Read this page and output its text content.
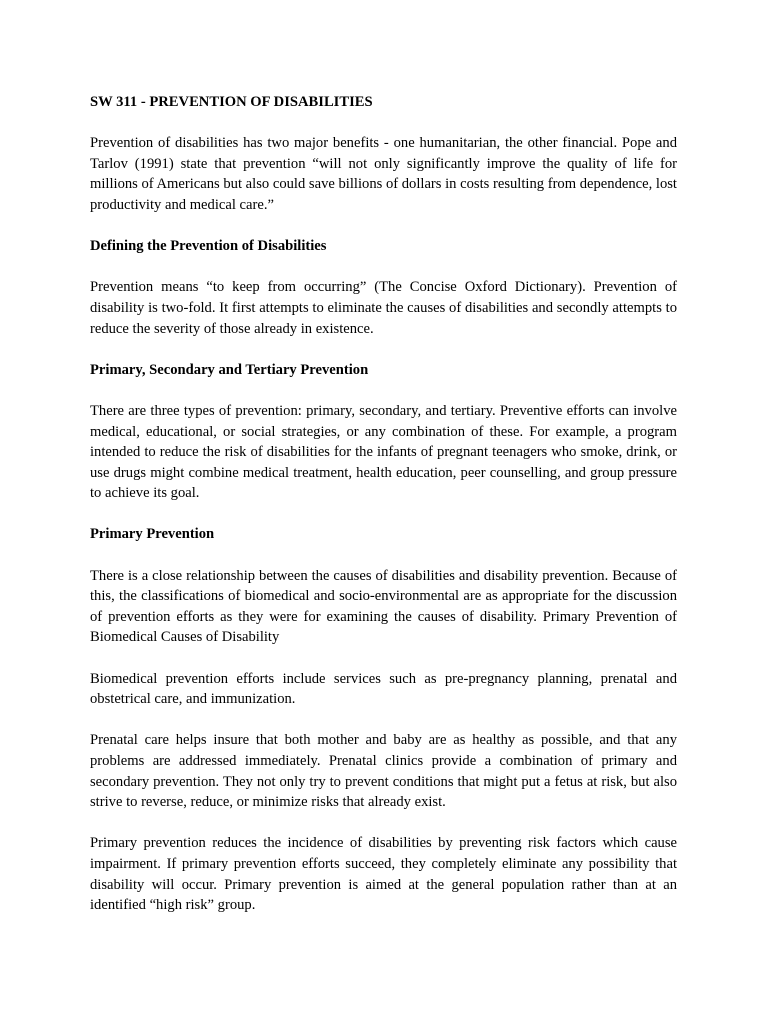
SW 311 - PREVENTION OF DISABILITIES

Prevention of disabilities has two major benefits - one humanitarian, the other financial. Pope and Tarlov (1991) state that prevention “will not only significantly improve the quality of life for millions of Americans but also could save billions of dollars in costs resulting from dependence, lost productivity and medical care.”

Defining the Prevention of Disabilities

Prevention means “to keep from occurring” (The Concise Oxford Dictionary). Prevention of disability is two-fold. It first attempts to eliminate the causes of disabilities and secondly attempts to reduce the severity of those already in existence.

Primary, Secondary and Tertiary Prevention

There are three types of prevention: primary, secondary, and tertiary. Preventive efforts can involve medical, educational, or social strategies, or any combination of these. For example, a program intended to reduce the risk of disabilities for the infants of pregnant teenagers who smoke, drink, or use drugs might combine medical treatment, health education, peer counselling, and group pressure to achieve its goal.

Primary Prevention

There is a close relationship between the causes of disabilities and disability prevention. Because of this, the classifications of biomedical and socio-environmental are as appropriate for the discussion of prevention efforts as they were for examining the causes of disability. Primary Prevention of Biomedical Causes of Disability

Biomedical prevention efforts include services such as pre-pregnancy planning, prenatal and obstetrical care, and immunization.

Prenatal care helps insure that both mother and baby are as healthy as possible, and that any problems are addressed immediately. Prenatal clinics provide a combination of primary and secondary prevention. They not only try to prevent conditions that might put a fetus at risk, but also strive to reverse, reduce, or minimize risks that already exist.

Primary prevention reduces the incidence of disabilities by preventing risk factors which cause impairment. If primary prevention efforts succeed, they completely eliminate any possibility that disability will occur. Primary prevention is aimed at the general population rather than at an identified “high risk” group.
